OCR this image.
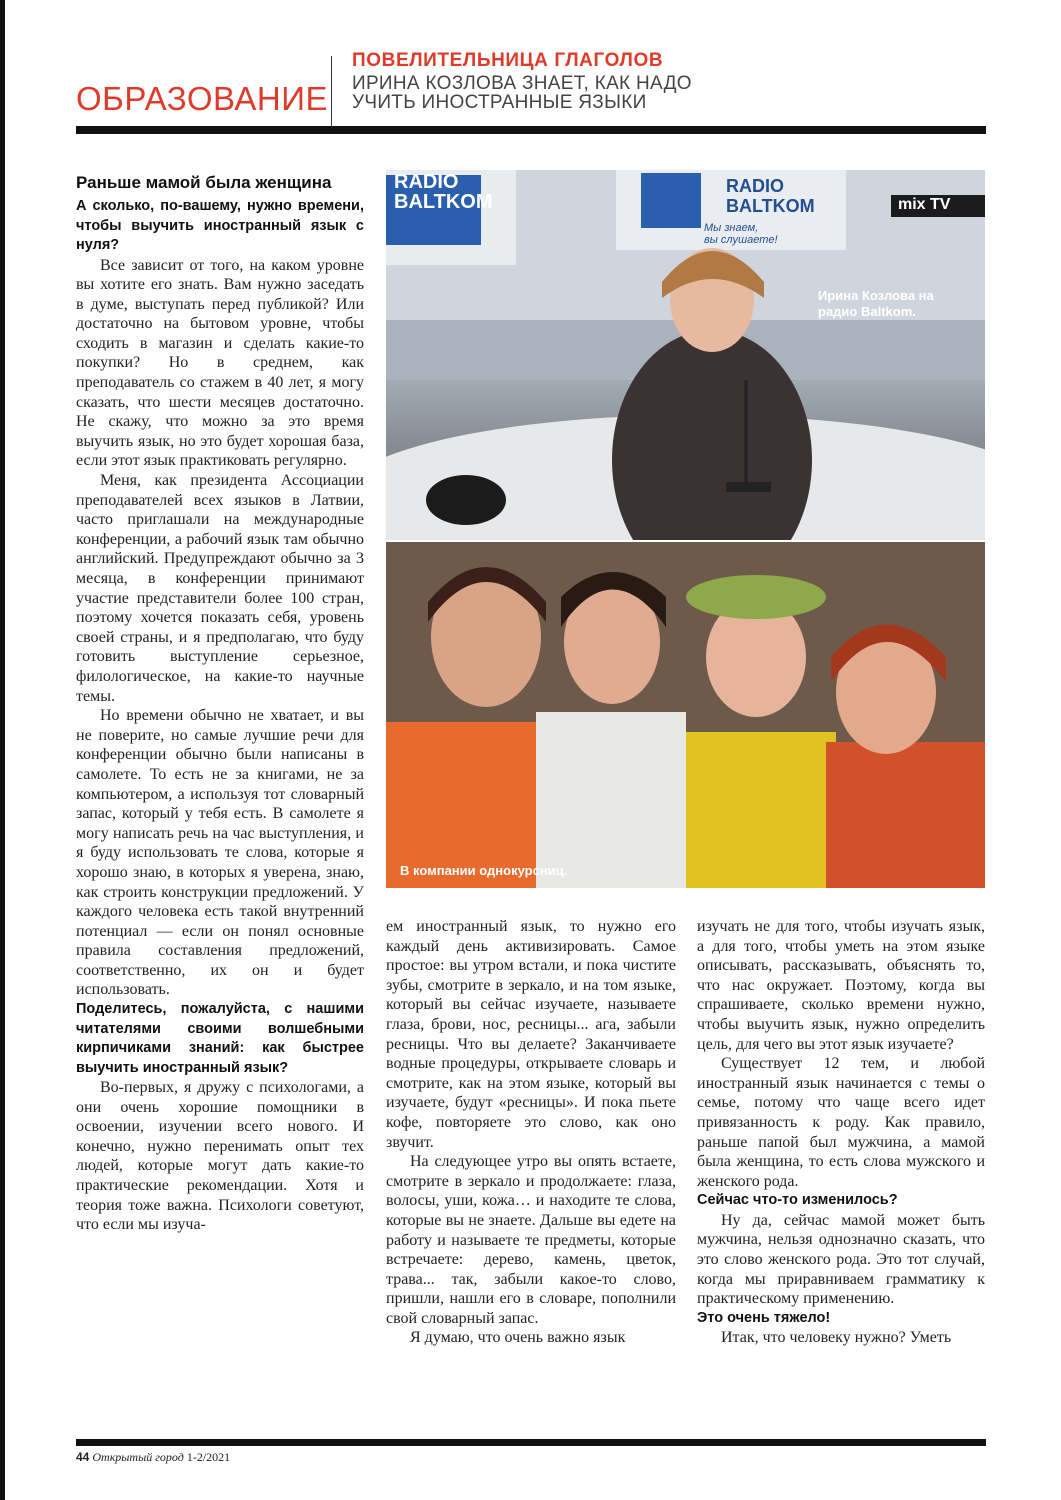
ОБРАЗОВАНИЕ
ПОВЕЛИТЕЛЬНИЦА ГЛАГОЛОВ
ИРИНА КОЗЛОВА ЗНАЕТ, КАК НАДО
УЧИТЬ ИНОСТРАННЫЕ ЯЗЫКИ
Раньше мамой была женщина

А сколько, по-вашему, нужно времени, чтобы выучить иностранный язык с нуля?

Все зависит от того, на каком уровне вы хотите его знать. Вам нужно заседать в думе, выступать перед публикой? Или достаточно на бытовом уровне, чтобы сходить в магазин и сделать какие-то покупки? Но в среднем, как преподаватель со стажем в 40 лет, я могу сказать, что шести месяцев достаточно. Не скажу, что можно за это время выучить язык, но это будет хорошая база, если этот язык практиковать регулярно.

Меня, как президента Ассоциации преподавателей всех языков в Латвии, часто приглашали на международные конференции, а рабочий язык там обычно английский. Предупреждают обычно за 3 месяца, в конференции принимают участие представители более 100 стран, поэтому хочется показать себя, уровень своей страны, и я предполагаю, что буду готовить выступление серьезное, филологическое, на какие-то научные темы.

Но времени обычно не хватает, и вы не поверите, но самые лучшие речи для конференции обычно были написаны в самолете. То есть не за книгами, не за компьютером, а используя тот словарный запас, который у тебя есть. В самолете я могу написать речь на час выступления, и я буду использовать те слова, которые я хорошо знаю, в которых я уверена, знаю, как строить конструкции предложений. У каждого человека есть такой внутренний потенциал — если он понял основные правила составления предложений, соответственно, их он и будет использовать.

Поделитесь, пожалуйста, с нашими читателями своими волшебными кирпичиками знаний: как быстрее выучить иностранный язык?

Во-первых, я дружу с психологами, а они очень хорошие помощники в освоении, изучении всего нового. И конечно, нужно перенимать опыт тех людей, которые могут дать какие-то практические рекомендации. Хотя и теория тоже важна. Психологи советуют, что если мы изуча-

RADIO
BALTKOM
RADIO
BALTKOM
Мы знаем,
вы слушаете!
mix TV
Ирина Козлова на
радио Baltkom.
В компании однокурсниц.

ем иностранный язык, то нужно его каждый день активизировать. Самое простое: вы утром встали, и пока чистите зубы, смотрите в зеркало, и на том языке, который вы сейчас изучаете, называете глаза, брови, нос, ресницы... ага, забыли ресницы. Что вы делаете? Заканчиваете водные процедуры, открываете словарь и смотрите, как на этом языке, который вы изучаете, будут «ресницы». И пока пьете кофе, повторяете это слово, как оно звучит.

На следующее утро вы опять встаете, смотрите в зеркало и продолжаете: глаза, волосы, уши, кожа… и находите те слова, которые вы не знаете. Дальше вы едете на работу и называете те предметы, которые встречаете: дерево, камень, цветок, трава... так, забыли какое-то слово, пришли, нашли его в словаре, пополнили свой словарный запас.

Я думаю, что очень важно язык

изучать не для того, чтобы изучать язык, а для того, чтобы уметь на этом языке описывать, рассказывать, объяснять то, что нас окружает. Поэтому, когда вы спрашиваете, сколько времени нужно, чтобы выучить язык, нужно определить цель, для чего вы этот язык изучаете?

Существует 12 тем, и любой иностранный язык начинается с темы о семье, потому что чаще всего идет привязанность к роду. Как правило, раньше папой был мужчина, а мамой была женщина, то есть слова мужского и женского рода.

Сейчас что-то изменилось?

Ну да, сейчас мамой может быть мужчина, нельзя однозначно сказать, что это слово женского рода. Это тот случай, когда мы приравниваем грамматику к практическому применению.

Это очень тяжело!

Итак, что человеку нужно? Уметь

44 Открытый город 1-2/2021
